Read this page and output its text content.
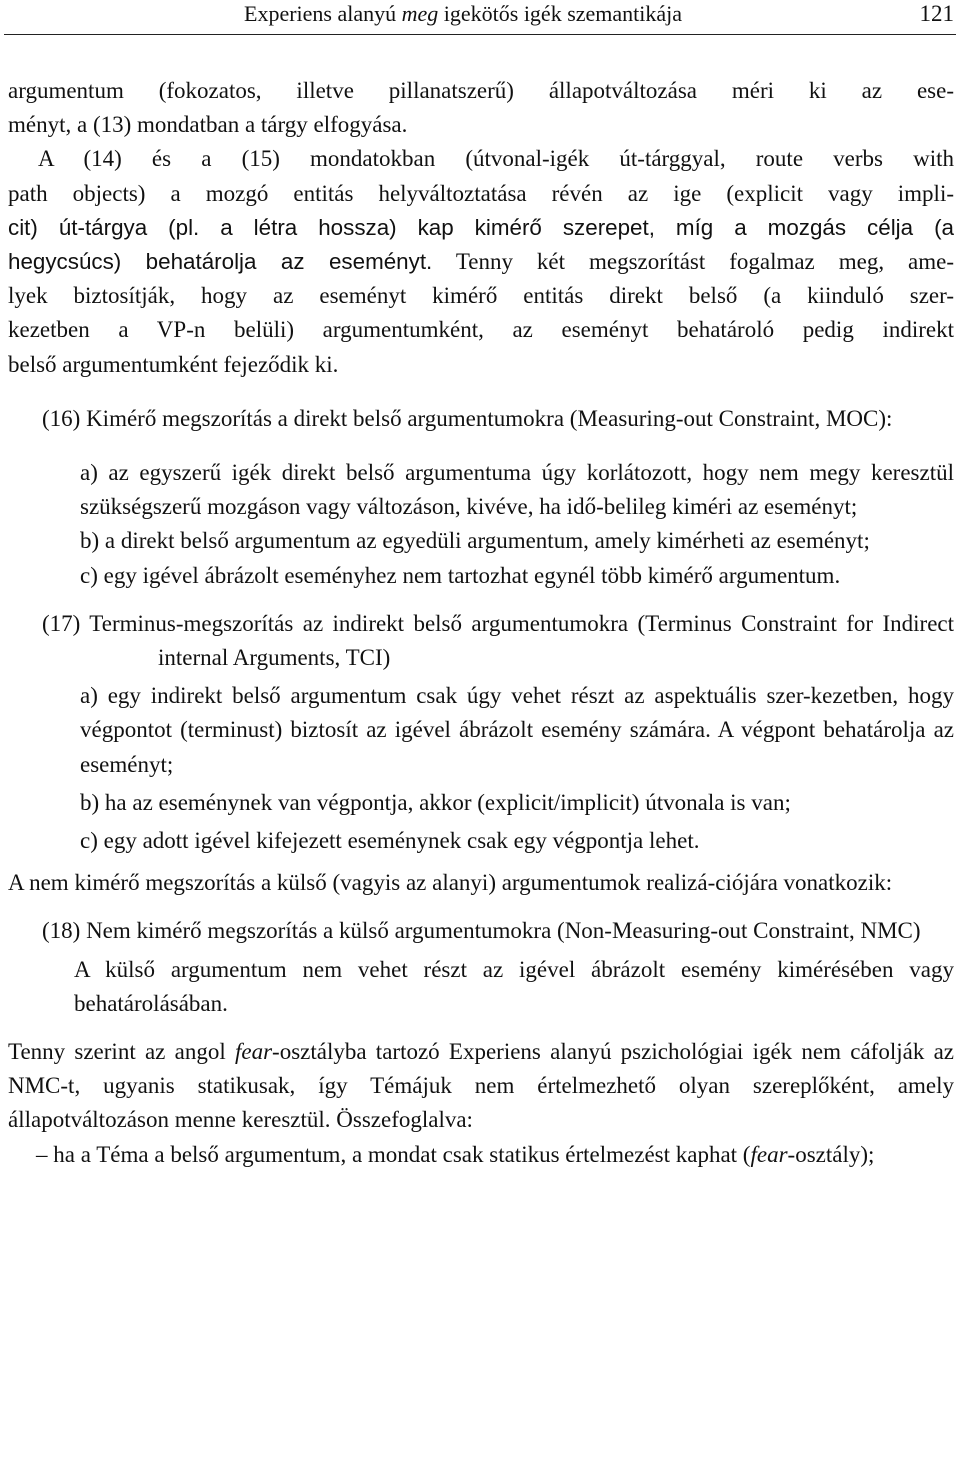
Experiens alanyú meg igekötős igék szemantikája	121
argumentum (fokozatos, illetve pillanatszerű) állapotváltozása méri ki az ese-
ményt, a (13) mondatban a tárgy elfogyása.
A (14) és a (15) mondatokban (útvonal-igék út-tárggyal, route verbs with
path objects) a mozgó entitás helyváltoztatása révén az ige (explicit vagy impli-
cit) út-tárgya (pl. a létra hossza) kap kimérő szerepet, míg a mozgás célja (a
hegycsúcs) behatárolja az eseményt. Tenny két megszorítást fogalmaz meg, ame-
lyek biztosítják, hogy az eseményt kimérő entitás direkt belső (a kiinduló szer-
kezetben a VP-n belüli) argumentumként, az eseményt behatároló pedig indirekt
belső argumentumként fejeződik ki.
(16) Kimérő megszorítás a direkt belső argumentumokra (Measuring-out Constraint, MOC):
a) az egyszerű igék direkt belső argumentuma úgy korlátozott, hogy nem megy keresztül szükségszerű mozgáson vagy változáson, kivéve, ha idő-belileg kiméri az eseményt;
b) a direkt belső argumentum az egyedüli argumentum, amely kimérheti az eseményt;
c) egy igével ábrázolt eseményhez nem tartozhat egynél több kimérő argumentum.
(17) Terminus-megszorítás az indirekt belső argumentumokra (Terminus Constraint for Indirect internal Arguments, TCI)
a) egy indirekt belső argumentum csak úgy vehet részt az aspektuális szer-kezetben, hogy végpontot (terminust) biztosít az igével ábrázolt esemény számára. A végpont behatárolja az eseményt;
b) ha az eseménynek van végpontja, akkor (explicit/implicit) útvonala is van;
c) egy adott igével kifejezett eseménynek csak egy végpontja lehet.
A nem kimérő megszorítás a külső (vagyis az alanyi) argumentumok realizá-ciójára vonatkozik:
(18) Nem kimérő megszorítás a külső argumentumokra (Non-Measuring-out Constraint, NMC)
A külső argumentum nem vehet részt az igével ábrázolt esemény kimérésében vagy behatárolásában.
Tenny szerint az angol fear-osztályba tartozó Experiens alanyú pszichológiai igék nem cáfolják az NMC-t, ugyanis statikusak, így Témájuk nem értelmezhető olyan szereplőként, amely állapotváltozáson menne keresztül. Összefoglalva:
– ha a Téma a belső argumentum, a mondat csak statikus értelmezést kaphat (fear-osztály);
